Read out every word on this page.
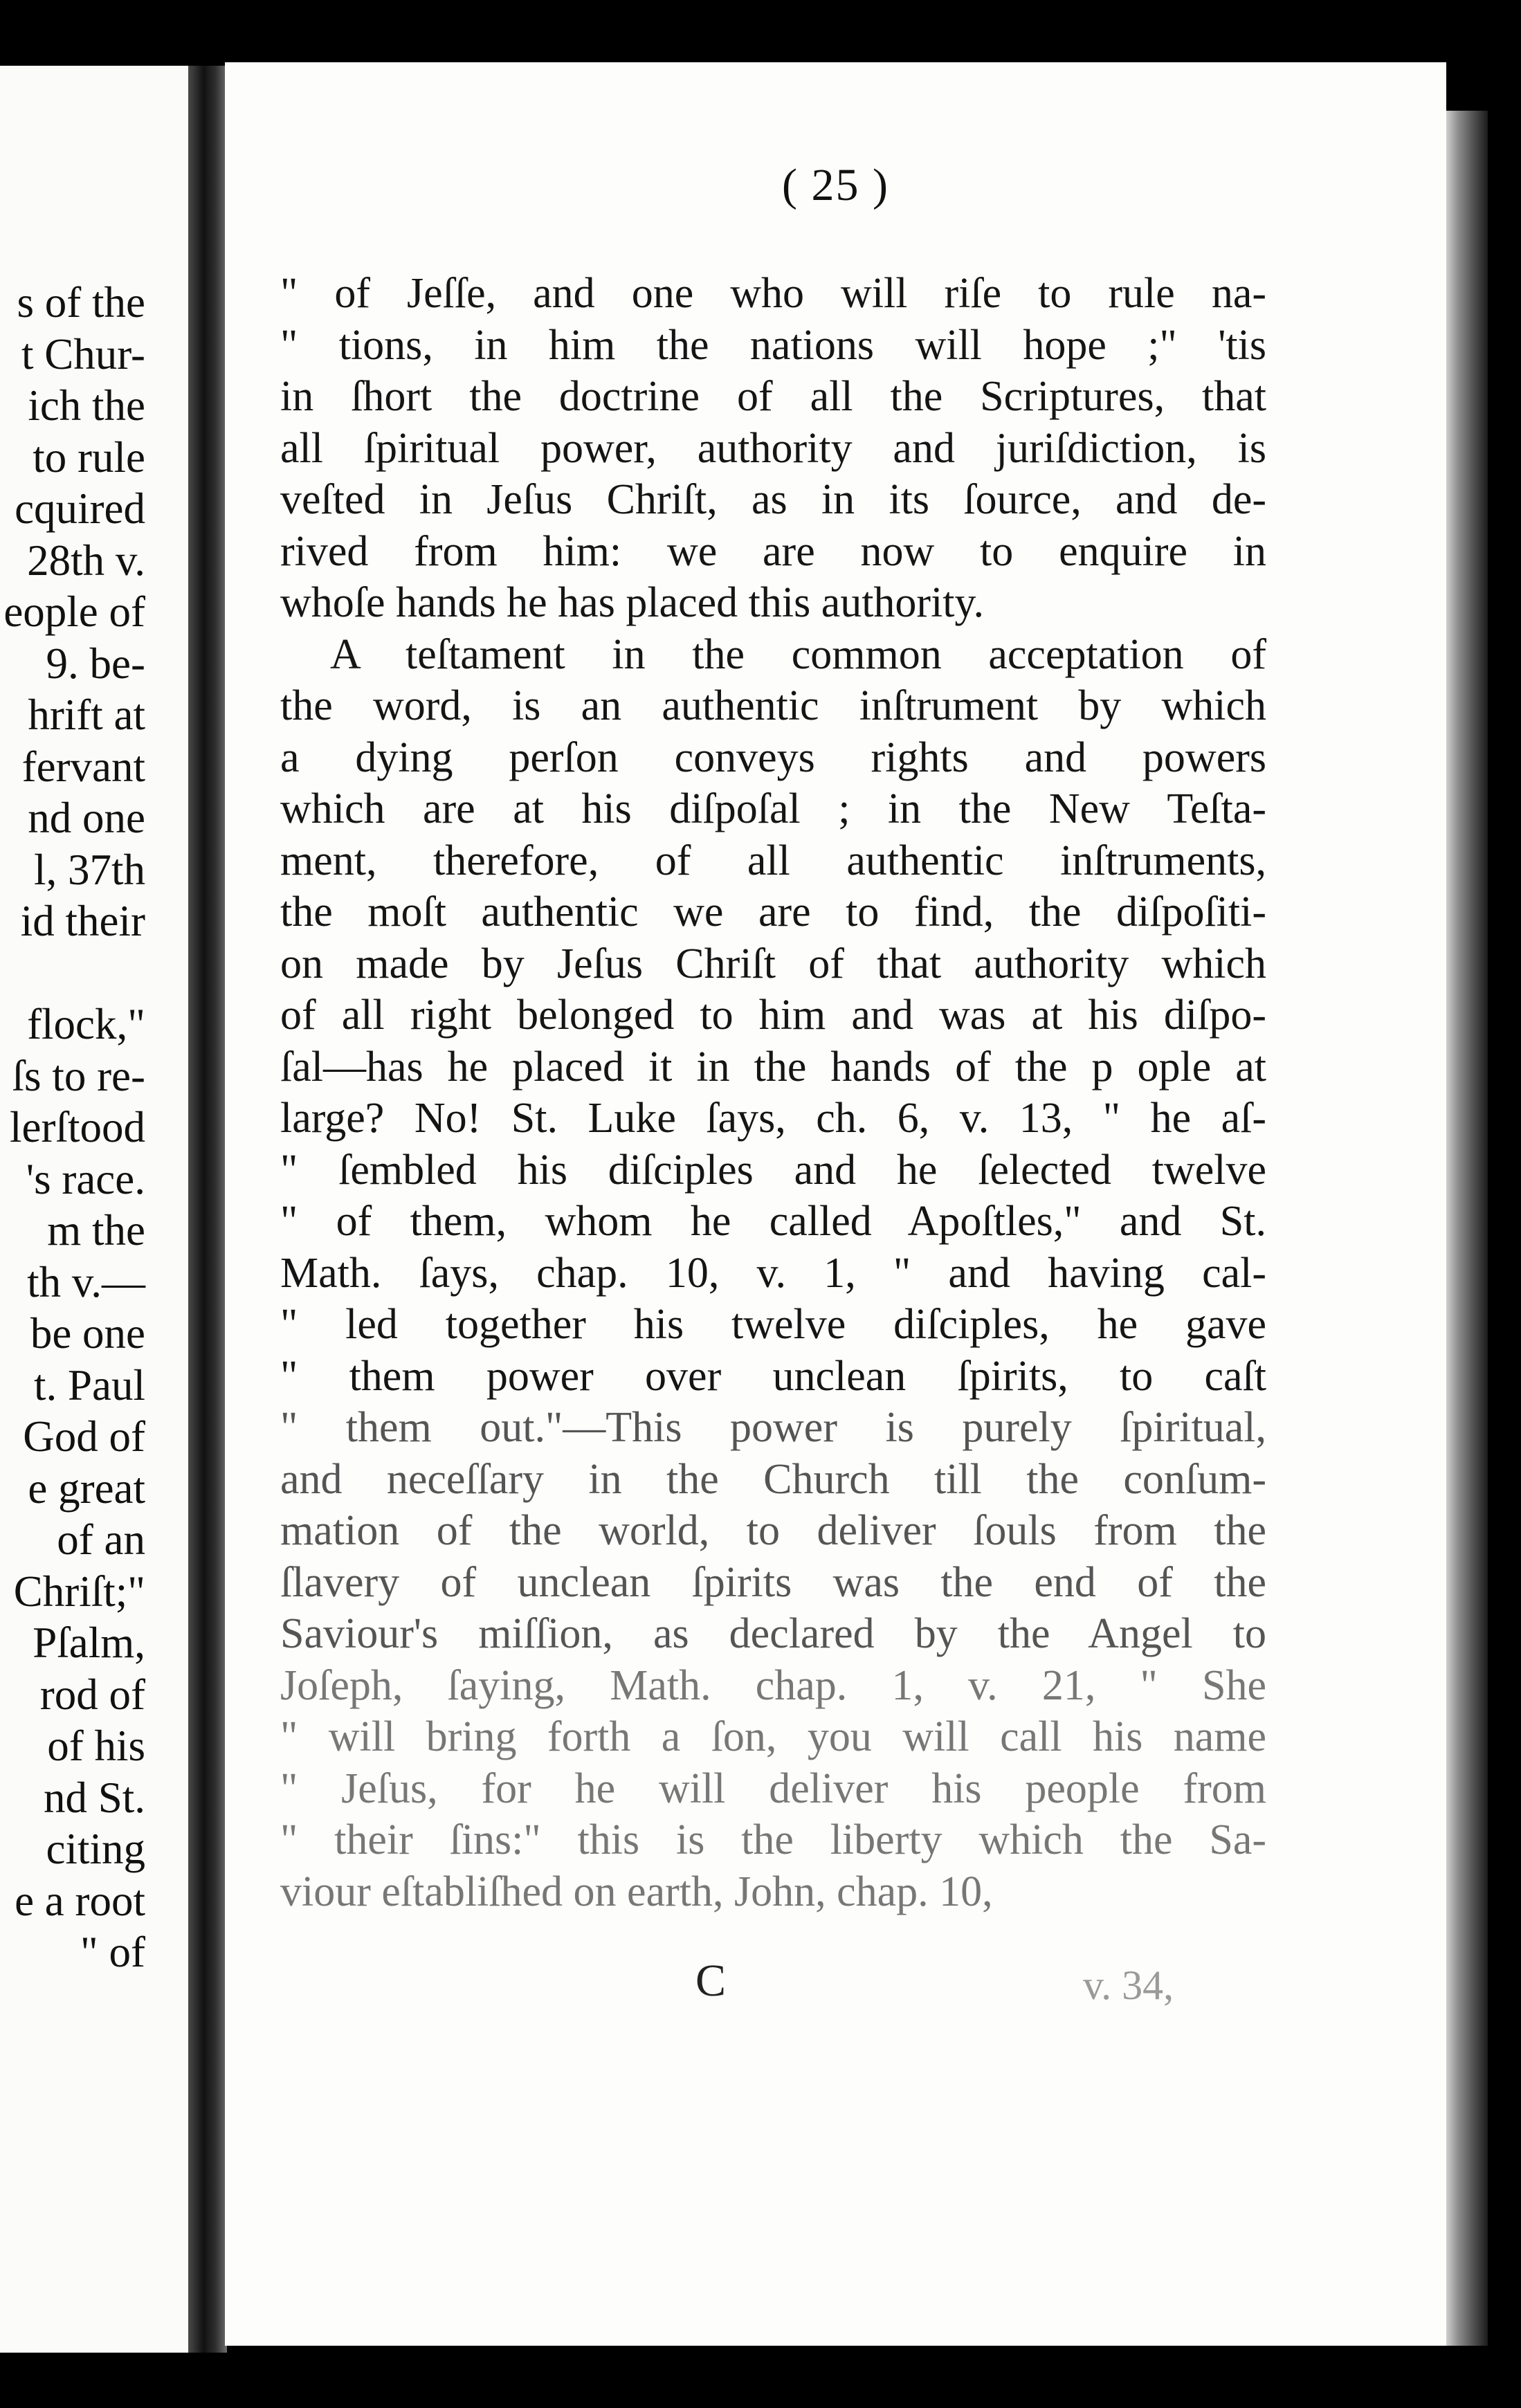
s of the
t Chur-
ich the
to rule
cquired
28th v.
eople of
9. be-
hrift at
fervant
nd one
l, 37th
id their
flock,"
ſs to re-
lerſtood
's race.
m the
th v.—
be one
t. Paul
God of
e great
of an
Chriſt;"
Pſalm,
rod of
of his
nd St.
citing
e a root
" of
( 25 )
" of Jeſſe, and one who will riſe to rule na-
" tions, in him the nations will hope ;" 'tis
in ſhort the doctrine of all the Scriptures, that
all ſpiritual power, authority and juriſdiction, is
veſted in Jeſus Chriſt, as in its ſource, and de-
rived from him: we are now to enquire in
whoſe hands he has placed this authority.
A teſtament in the common acceptation of
the word, is an authentic inſtrument by which
a dying perſon conveys rights and powers
which are at his diſpoſal ; in the New Teſta-
ment, therefore, of all authentic inſtruments,
the moſt authentic we are to find, the diſpoſiti-
on made by Jeſus Chriſt of that authority which
of all right belonged to him and was at his diſpo-
ſal—has he placed it in the hands of the p ople at
large? No! St. Luke ſays, ch. 6, v. 13, " he aſ-
" ſembled his diſciples and he ſelected twelve
" of them, whom he called Apoſtles," and St.
Math. ſays, chap. 10, v. 1, " and having cal-
" led together his twelve diſciples, he gave
" them power over unclean ſpirits, to caſt
" them out."—This power is purely ſpiritual,
and neceſſary in the Church till the conſum-
mation of the world, to deliver ſouls from the
ſlavery of unclean ſpirits was the end of the
Saviour's miſſion, as declared by the Angel to
Joſeph, ſaying, Math. chap. 1, v. 21, " She
" will bring forth a ſon, you will call his name
" Jeſus, for he will deliver his people from
" their ſins:" this is the liberty which the Sa-
viour eſtabliſhed on earth, John, chap. 10,
C	v. 34,
